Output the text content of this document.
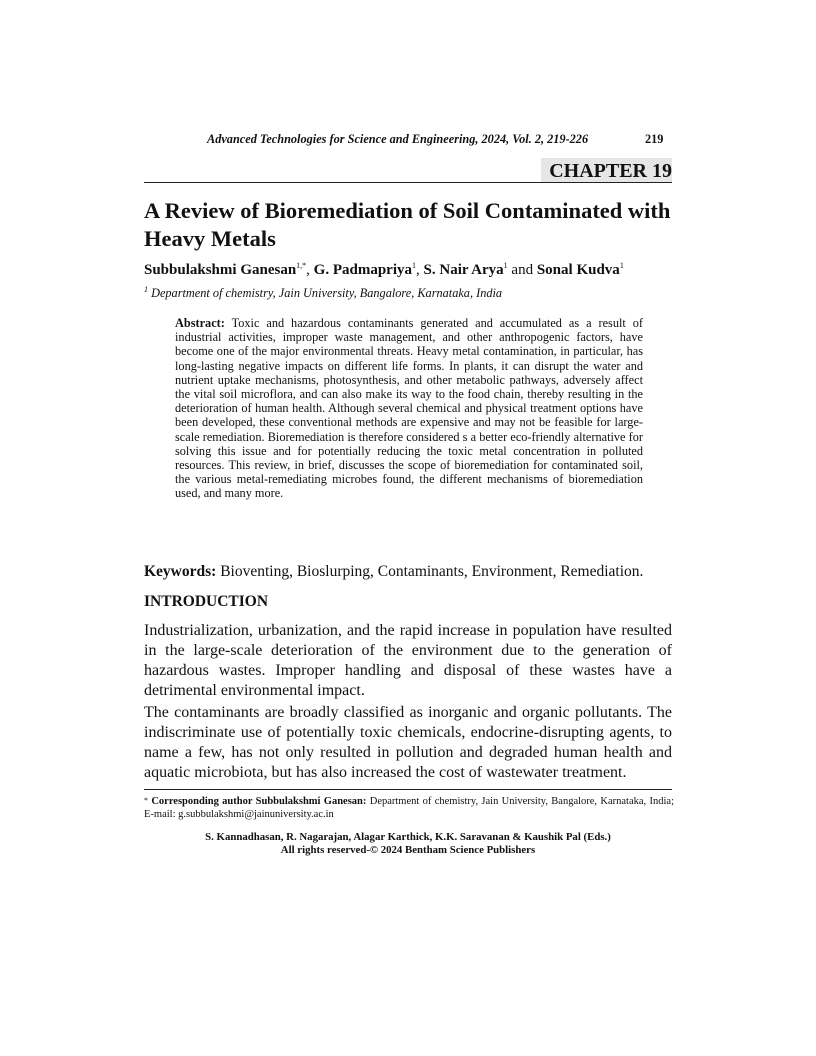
Advanced Technologies for Science and Engineering, 2024, Vol. 2, 219-226	219
CHAPTER 19
A Review of Bioremediation of Soil Contaminated with Heavy Metals
Subbulakshmi Ganesan$^{1,*}$, G. Padmapriya$^1$, S. Nair Arya$^1$ and Sonal Kudva$^1$
$^1$ Department of chemistry, Jain University, Bangalore, Karnataka, India
Abstract: Toxic and hazardous contaminants generated and accumulated as a result of industrial activities, improper waste management, and other anthropogenic factors, have become one of the major environmental threats. Heavy metal contamination, in particular, has long-lasting negative impacts on different life forms. In plants, it can disrupt the water and nutrient uptake mechanisms, photosynthesis, and other metabolic pathways, adversely affect the vital soil microflora, and can also make its way to the food chain, thereby resulting in the deterioration of human health. Although several chemical and physical treatment options have been developed, these conventional methods are expensive and may not be feasible for large-scale remediation. Bioremediation is therefore considered s a better eco-friendly alternative for solving this issue and for potentially reducing the toxic metal concentration in polluted resources. This review, in brief, discusses the scope of bioremediation for contaminated soil, the various metal-remediating microbes found, the different mechanisms of bioremediation used, and many more.
Keywords: Bioventing, Bioslurping, Contaminants, Environment, Remediation.
INTRODUCTION
Industrialization, urbanization, and the rapid increase in population have resulted in the large-scale deterioration of the environment due to the generation of hazardous wastes. Improper handling and disposal of these wastes have a detrimental environmental impact.
The contaminants are broadly classified as inorganic and organic pollutants. The indiscriminate use of potentially toxic chemicals, endocrine-disrupting agents, to name a few, has not only resulted in pollution and degraded human health and aquatic microbiota, but has also increased the cost of wastewater treatment.
* Corresponding author Subbulakshmi Ganesan: Department of chemistry, Jain University, Bangalore, Karnataka, India; E-mail: g.subbulakshmi@jainuniversity.ac.in
S. Kannadhasan, R. Nagarajan, Alagar Karthick, K.K. Saravanan & Kaushik Pal (Eds.)
All rights reserved-© 2024 Bentham Science Publishers
